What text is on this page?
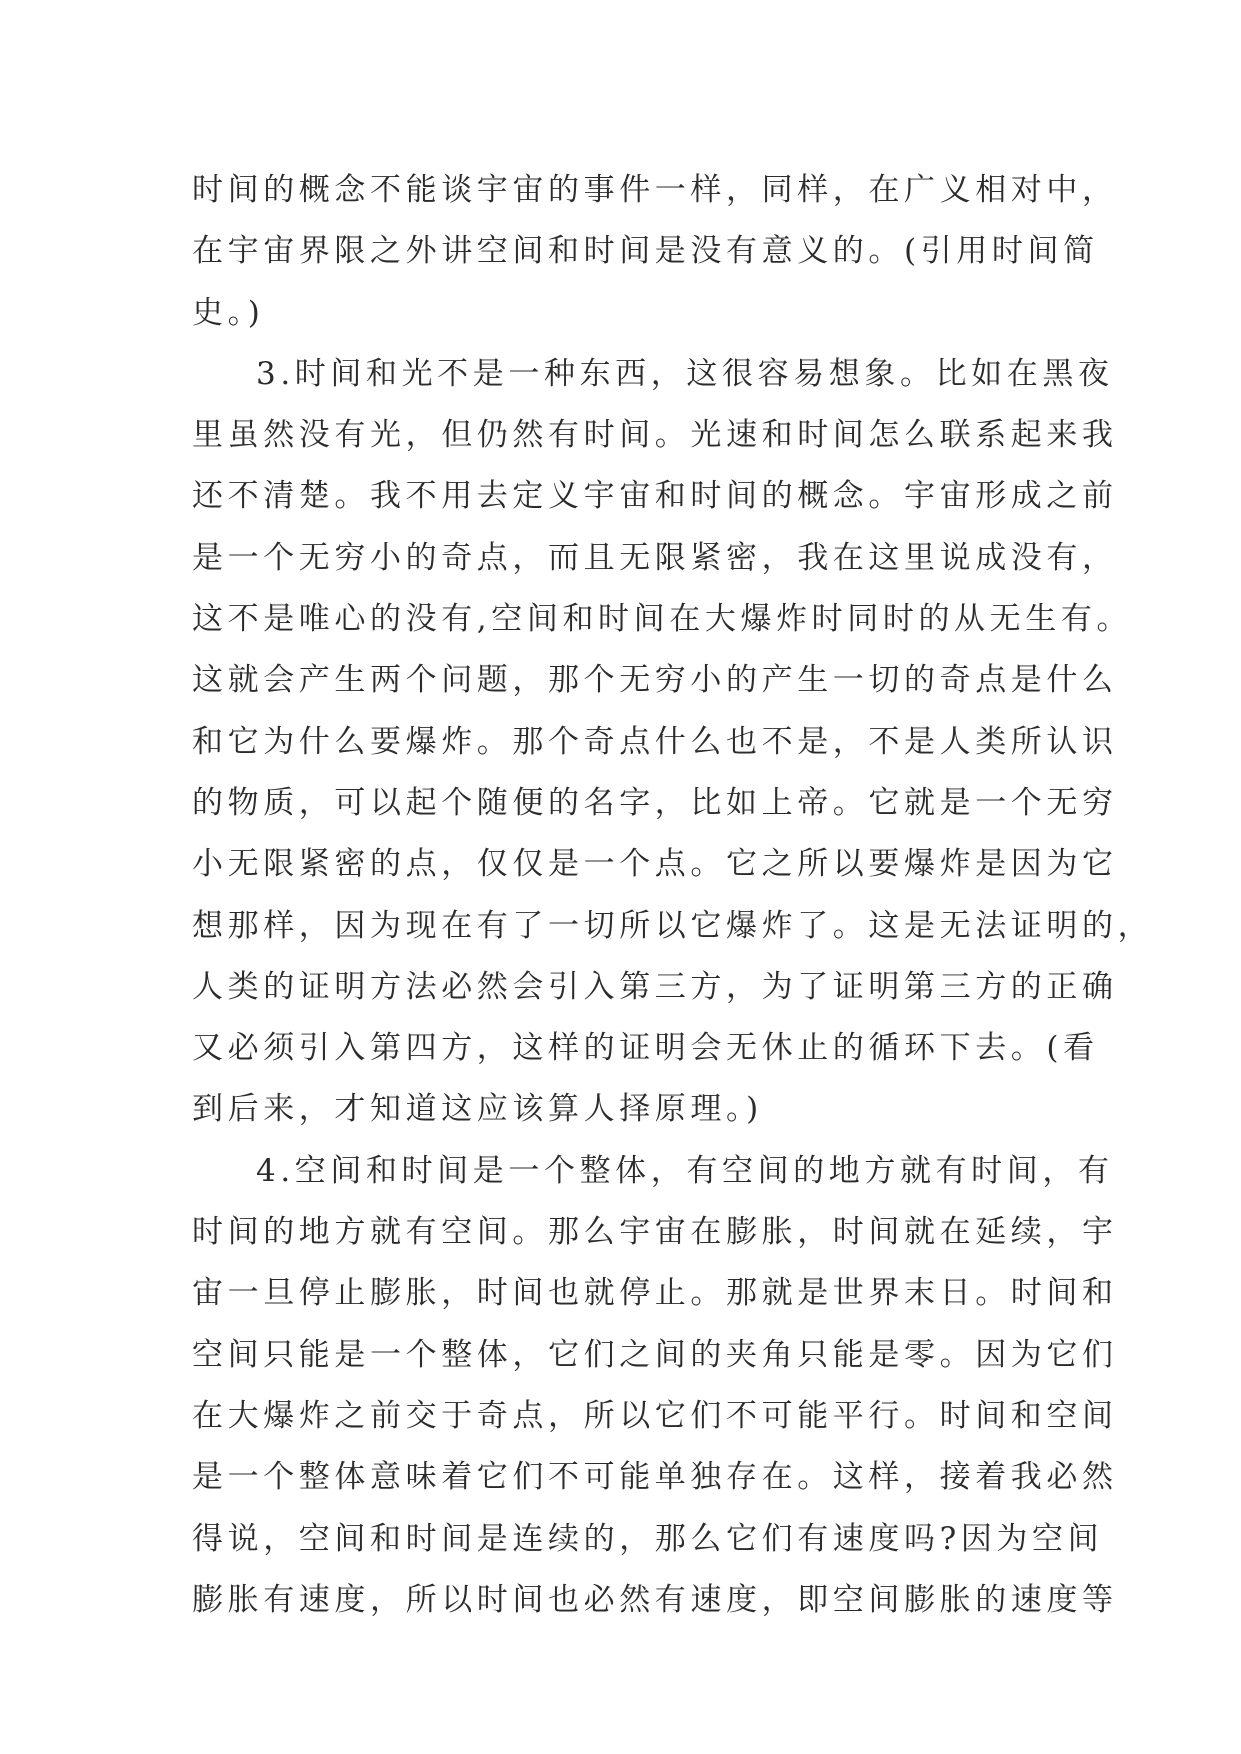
时间的概念不能谈宇宙的事件一样，同样，在广义相对中，
在宇宙界限之外讲空间和时间是没有意义的。(引用时间简
史。)
3.时间和光不是一种东西，这很容易想象。比如在黑夜
里虽然没有光，但仍然有时间。光速和时间怎么联系起来我
还不清楚。我不用去定义宇宙和时间的概念。宇宙形成之前
是一个无穷小的奇点，而且无限紧密，我在这里说成没有，
这不是唯心的没有,空间和时间在大爆炸时同时的从无生有。
这就会产生两个问题，那个无穷小的产生一切的奇点是什么
和它为什么要爆炸。那个奇点什么也不是，不是人类所认识
的物质，可以起个随便的名字，比如上帝。它就是一个无穷
小无限紧密的点，仅仅是一个点。它之所以要爆炸是因为它
想那样，因为现在有了一切所以它爆炸了。这是无法证明的，
人类的证明方法必然会引入第三方，为了证明第三方的正确
又必须引入第四方，这样的证明会无休止的循环下去。(看
到后来，才知道这应该算人择原理。)
4.空间和时间是一个整体，有空间的地方就有时间，有
时间的地方就有空间。那么宇宙在膨胀，时间就在延续，宇
宙一旦停止膨胀，时间也就停止。那就是世界末日。时间和
空间只能是一个整体，它们之间的夹角只能是零。因为它们
在大爆炸之前交于奇点，所以它们不可能平行。时间和空间
是一个整体意味着它们不可能单独存在。这样，接着我必然
得说，空间和时间是连续的，那么它们有速度吗?因为空间
膨胀有速度，所以时间也必然有速度，即空间膨胀的速度等
